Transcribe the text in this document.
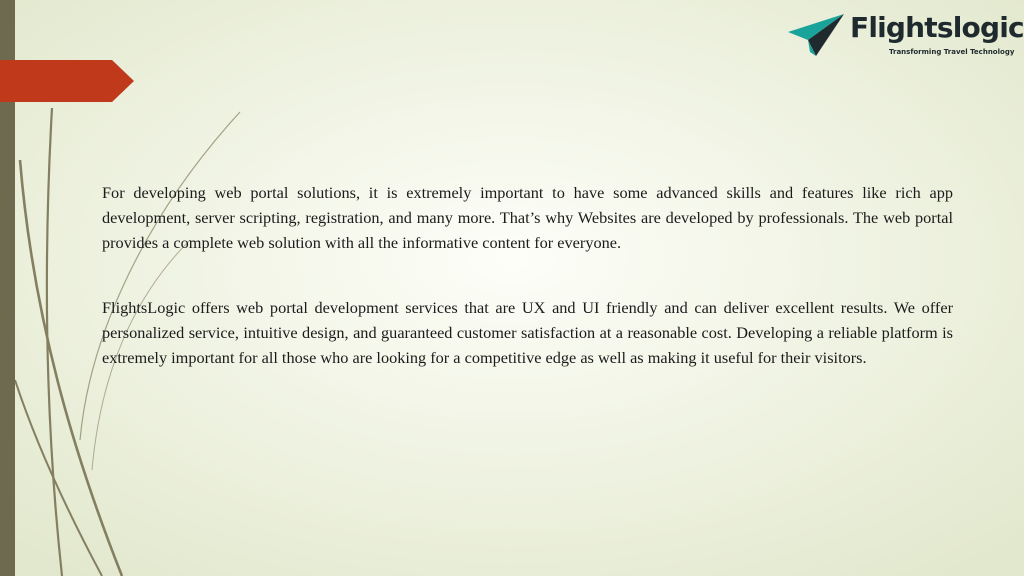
Flightslogic
Transforming Travel Technology

For developing web portal solutions, it is extremely important to have some advanced skills and features like rich app development, server scripting, registration, and many more. That’s why Websites are developed by professionals. The web portal provides a complete web solution with all the informative content for everyone.

FlightsLogic offers web portal development services that are UX and UI friendly and can deliver excellent results. We offer personalized service, intuitive design, and guaranteed customer satisfaction at a reasonable cost. Developing a reliable platform is extremely important for all those who are looking for a competitive edge as well as making it useful for their visitors.
